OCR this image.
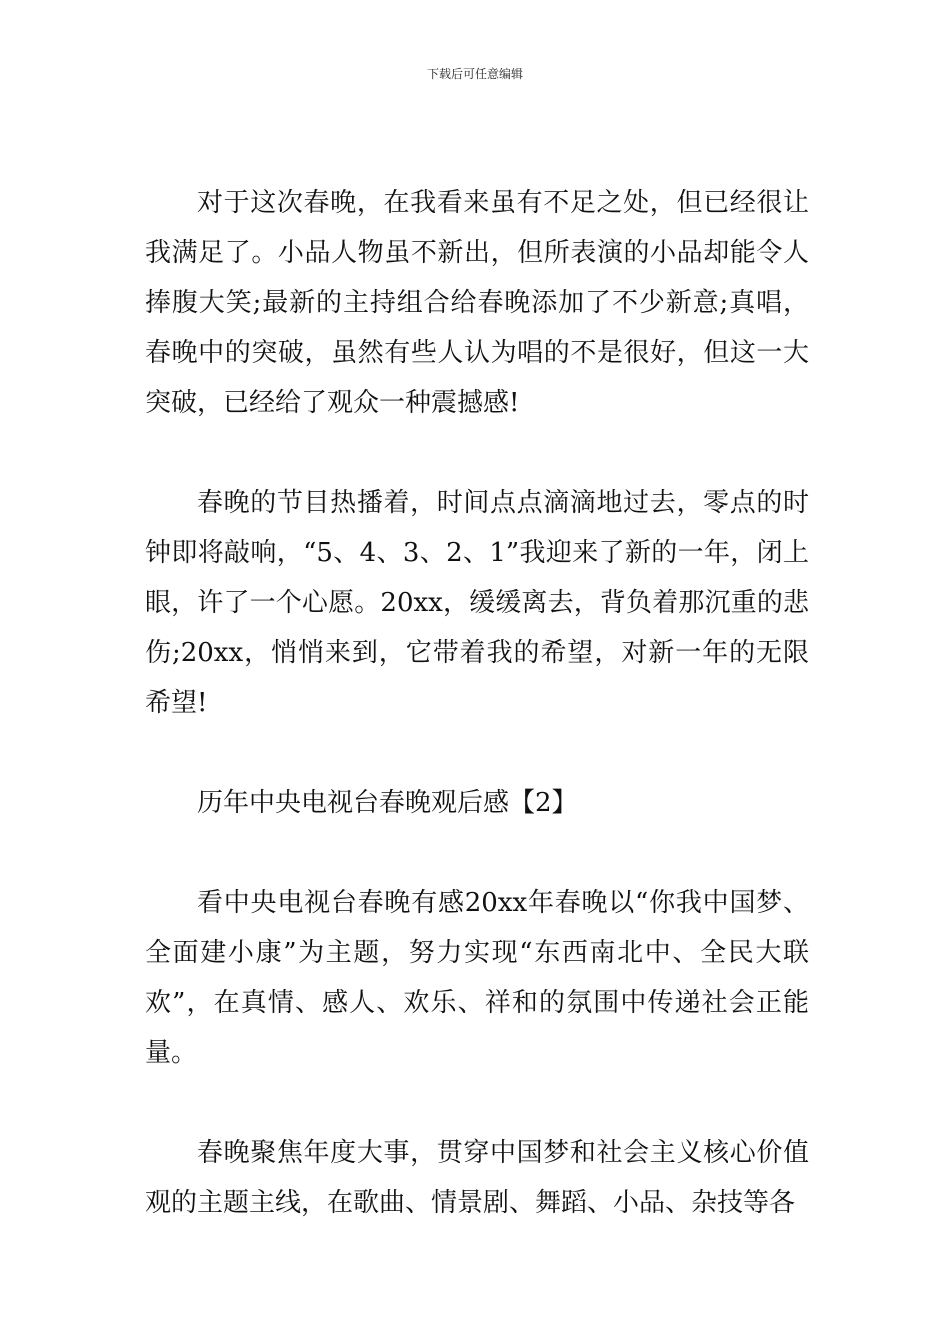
下载后可任意编辑

对于这次春晚，在我看来虽有不足之处，但已经很让我满足了。小品人物虽不新出，但所表演的小品却能令人捧腹大笑;最新的主持组合给春晚添加了不少新意;真唱，春晚中的突破，虽然有些人认为唱的不是很好，但这一大突破，已经给了观众一种震撼感!

春晚的节目热播着，时间点点滴滴地过去，零点的时钟即将敲响，“5、4、3、2、1”我迎来了新的一年，闭上眼，许了一个心愿。20xx，缓缓离去，背负着那沉重的悲伤;20xx，悄悄来到，它带着我的希望，对新一年的无限希望!

历年中央电视台春晚观后感【2】

看中央电视台春晚有感20xx年春晚以“你我中国梦、全面建小康”为主题，努力实现“东西南北中、全民大联欢”，在真情、感人、欢乐、祥和的氛围中传递社会正能量。

春晚聚焦年度大事，贯穿中国梦和社会主义核心价值观的主题主线，在歌曲、情景剧、舞蹈、小品、杂技等各
